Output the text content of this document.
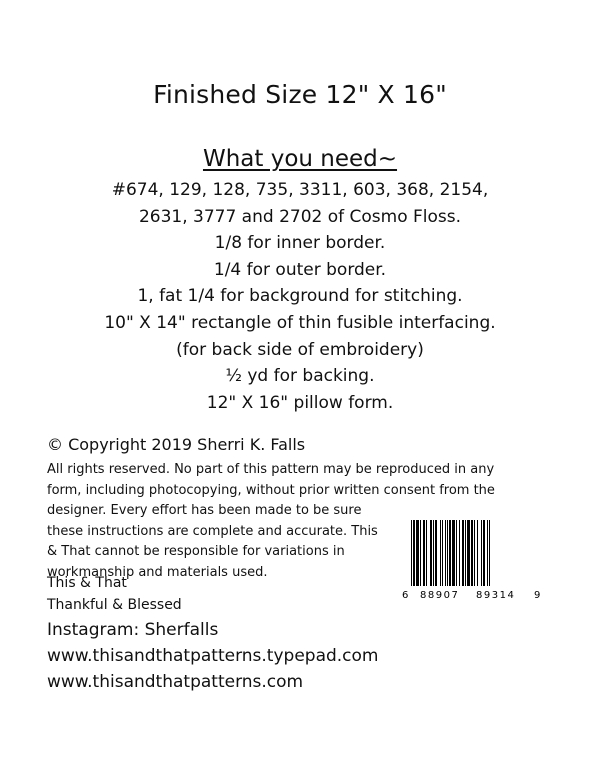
Finished Size 12" X 16"
What you need~
#674, 129, 128, 735, 3311, 603, 368, 2154,
2631, 3777 and 2702 of Cosmo Floss.
1/8 for inner border.
1/4 for outer border.
1, fat 1/4 for background for stitching.
10" X 14" rectangle of thin fusible interfacing.
(for back side of embroidery)
½ yd for backing.
12" X 16" pillow form.
© Copyright 2019 Sherri K. Falls
All rights reserved. No part of this pattern may be reproduced in any
form, including photocopying, without prior written consent from the
designer. Every effort has been made to be sure
these instructions are complete and accurate. This
& That cannot be responsible for variations in
workmanship and materials used.
This & That
Thankful & Blessed
Instagram: Sherfalls
www.thisandthatpatterns.typepad.com
www.thisandthatpatterns.com
6 88907 89314 9
